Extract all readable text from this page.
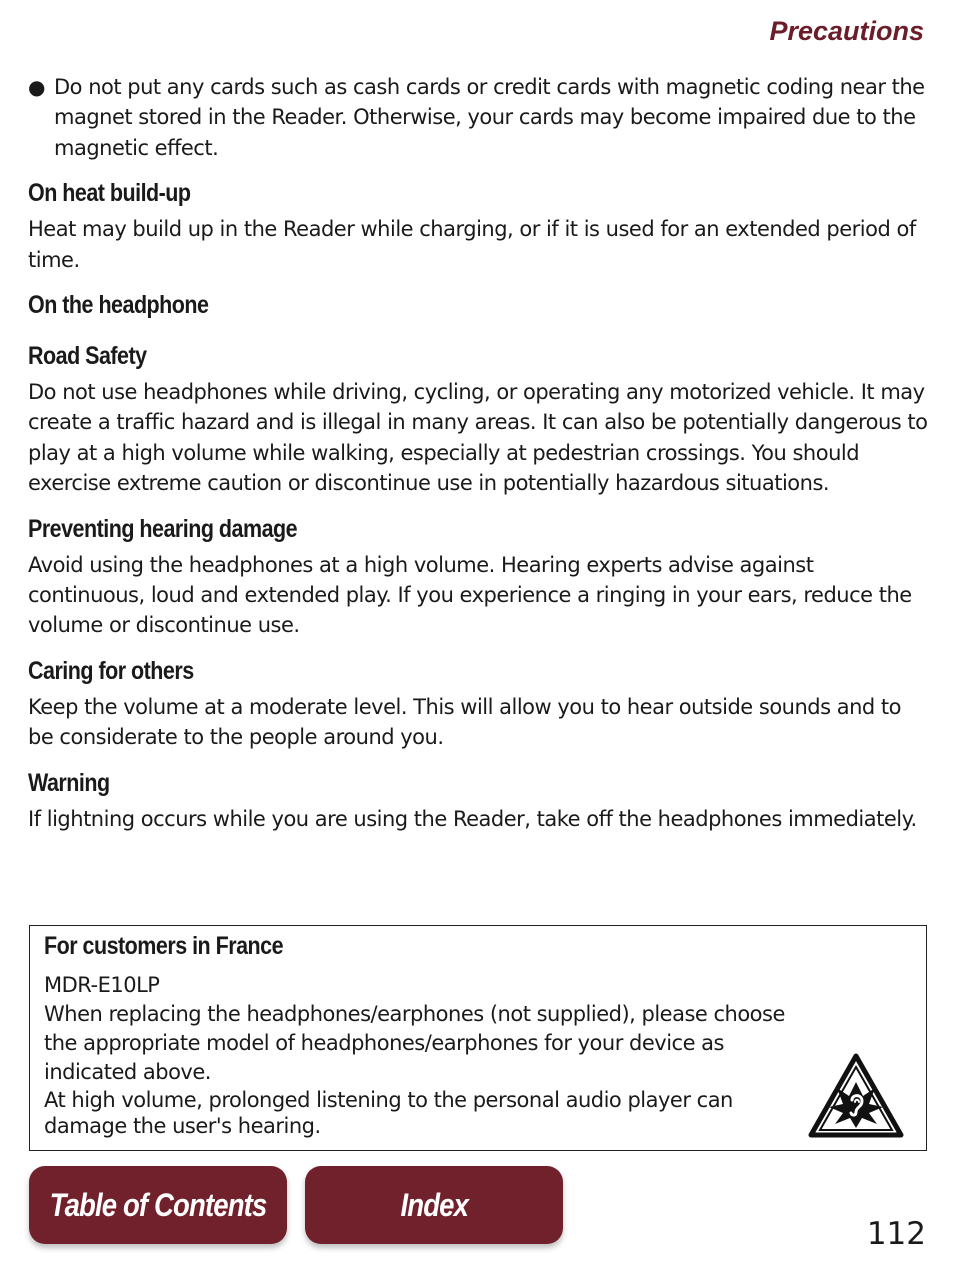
Precautions
● Do not put any cards such as cash cards or credit cards with magnetic coding near the magnet stored in the Reader. Otherwise, your cards may become impaired due to the magnetic effect.
On heat build-up

Heat may build up in the Reader while charging, or if it is used for an extended period of time.

On the headphone
Road Safety

Do not use headphones while driving, cycling, or operating any motorized vehicle. It may create a traffic hazard and is illegal in many areas. It can also be potentially dangerous to play at a high volume while walking, especially at pedestrian crossings. You should exercise extreme caution or discontinue use in potentially hazardous situations.

Preventing hearing damage

Avoid using the headphones at a high volume. Hearing experts advise against continuous, loud and extended play. If you experience a ringing in your ears, reduce the volume or discontinue use.

Caring for others

Keep the volume at a moderate level. This will allow you to hear outside sounds and to be considerate to the people around you.

Warning

If lightning occurs while you are using the Reader, take off the headphones immediately.

For customers in France
MDR-E10LP
When replacing the headphones/earphones (not supplied), please choose the appropriate model of headphones/earphones for your device as indicated above.
At high volume, prolonged listening to the personal audio player can damage the user's hearing.
Table of Contents	Index
112
